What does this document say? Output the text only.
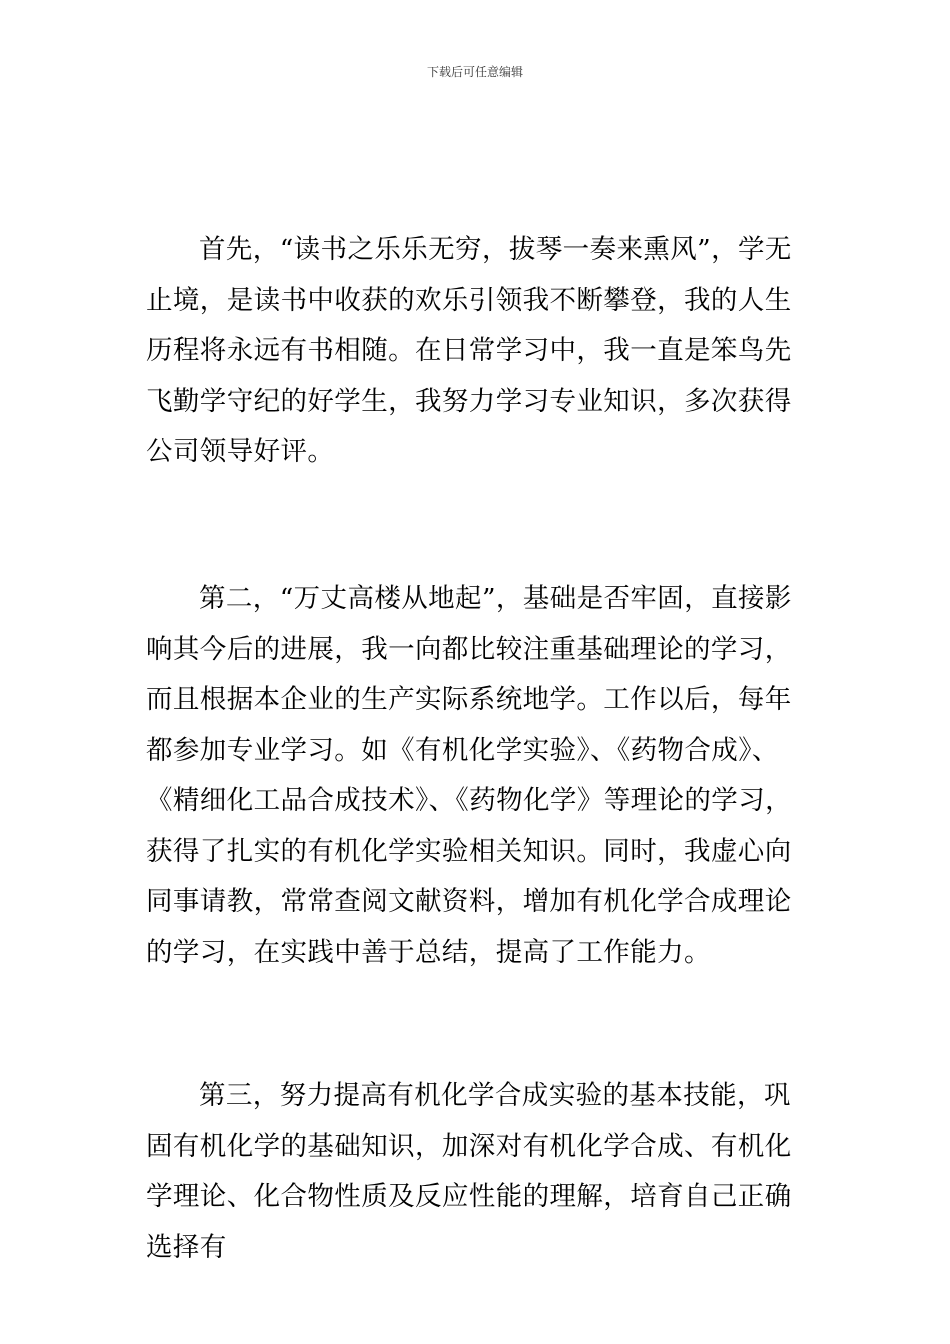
下载后可任意编辑

首先，“读书之乐乐无穷，拔琴一奏来熏风”，学无止境，是读书中收获的欢乐引领我不断攀登，我的人生历程将永远有书相随。在日常学习中，我一直是笨鸟先飞勤学守纪的好学生，我努力学习专业知识，多次获得公司领导好评。

第二，“万丈高楼从地起”，基础是否牢固，直接影响其今后的进展，我一向都比较注重基础理论的学习，而且根据本企业的生产实际系统地学。工作以后，每年都参加专业学习。如《有机化学实验》、《药物合成》、《精细化工品合成技术》、《药物化学》等理论的学习，获得了扎实的有机化学实验相关知识。同时，我虚心向同事请教，常常查阅文献资料，增加有机化学合成理论的学习，在实践中善于总结，提高了工作能力。

第三，努力提高有机化学合成实验的基本技能，巩固有机化学的基础知识，加深对有机化学合成、有机化学理论、化合物性质及反应性能的理解，培育自己正确选择有
